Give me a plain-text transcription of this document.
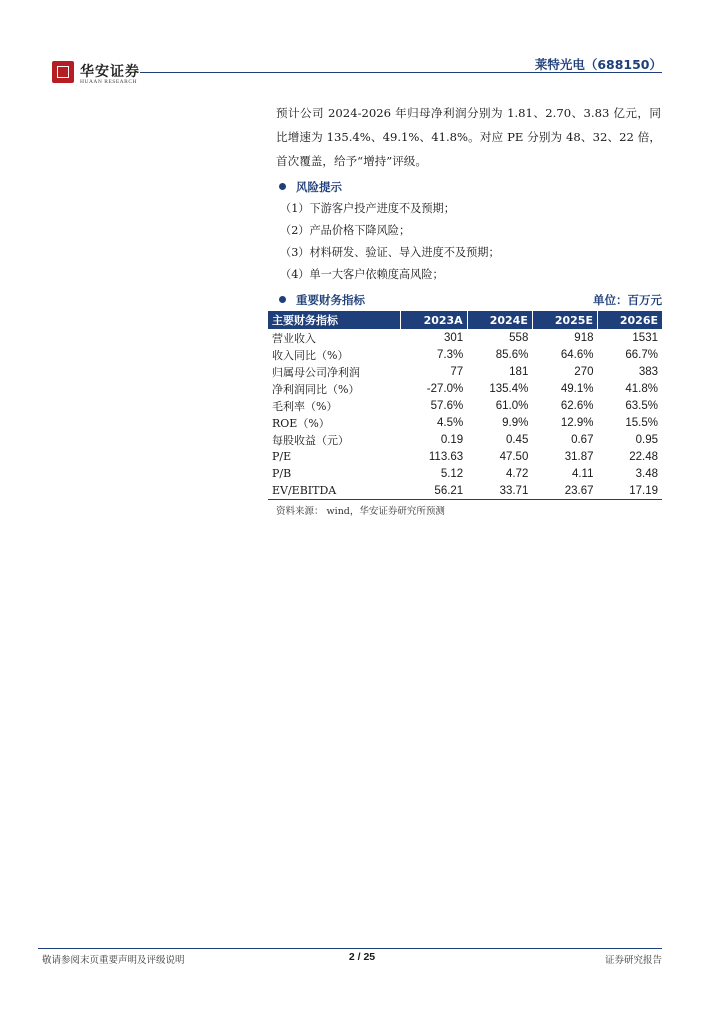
华安证券
HUAAN RESEARCH
莱特光电（688150）
预计公司 2024-2026 年归母净利润分别为 1.81、2.70、3.83 亿元，同比增速为 135.4%、49.1%、41.8%。对应 PE 分别为 48、32、22 倍，首次覆盖，给予“增持”评级。
风险提示
（1）下游客户投产进度不及预期；
（2）产品价格下降风险；
（3）材料研发、验证、导入进度不及预期；
（4）单一大客户依赖度高风险；
重要财务指标	单位：百万元
主要财务指标	2023A	2024E	2025E	2026E
营业收入	301	558	918	1531
收入同比（%）	7.3%	85.6%	64.6%	66.7%
归属母公司净利润	77	181	270	383
净利润同比（%）	-27.0%	135.4%	49.1%	41.8%
毛利率（%）	57.6%	61.0%	62.6%	63.5%
ROE（%）	4.5%	9.9%	12.9%	15.5%
每股收益（元）	0.19	0.45	0.67	0.95
P/E	113.63	47.50	31.87	22.48
P/B	5.12	4.72	4.11	3.48
EV/EBITDA	56.21	33.71	23.67	17.19
资料来源： wind，华安证券研究所预测
敬请参阅末页重要声明及评级说明	2 / 25	证券研究报告
